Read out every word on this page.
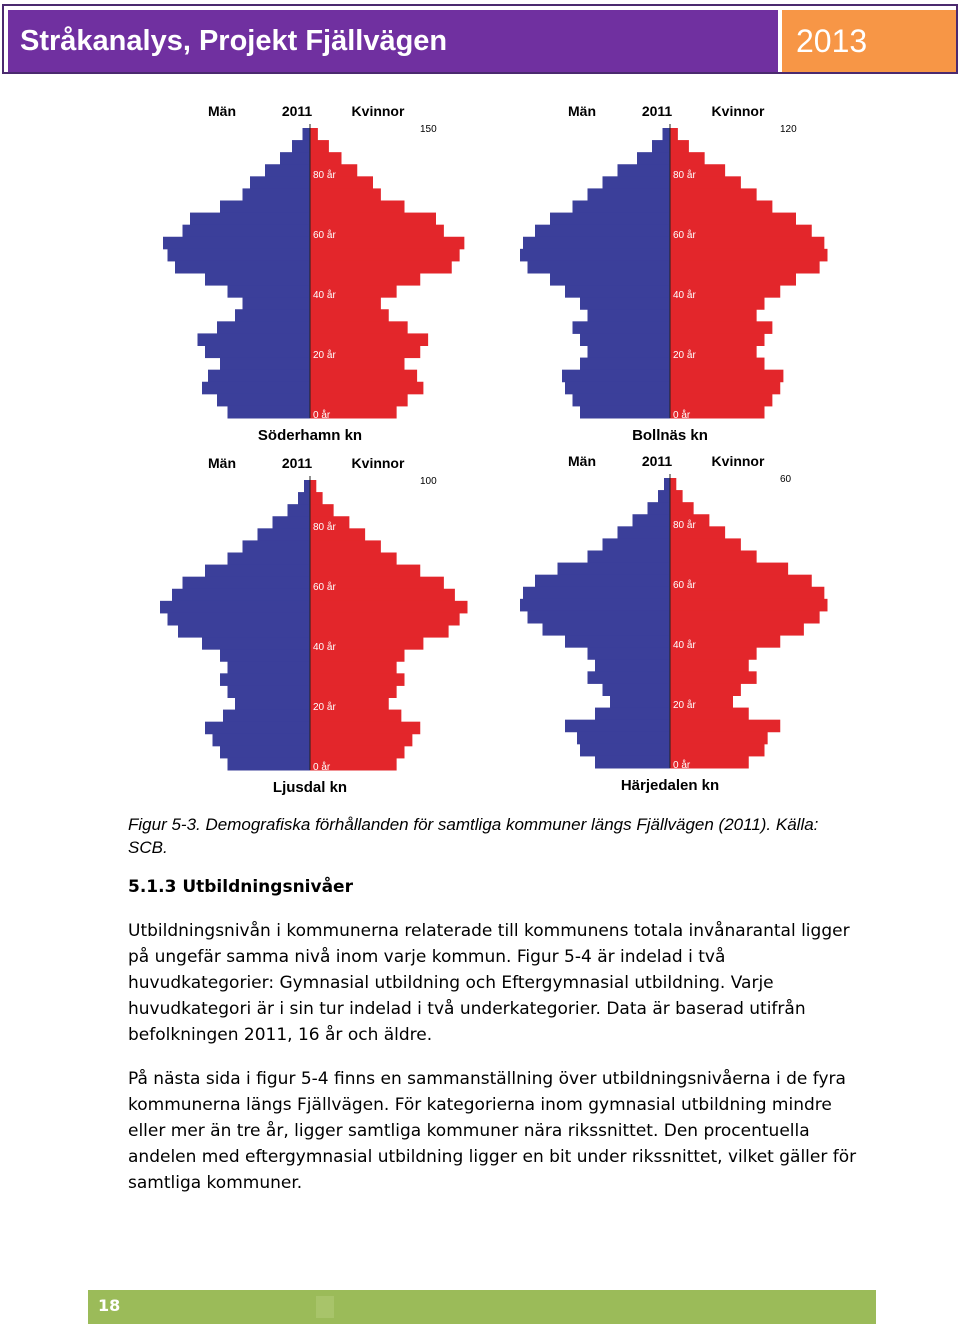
Stråkanalys, Projekt Fjällvägen	2013
Män	2011	Kvinnor
150
80 år
60 år
40 år
20 år
0 år
Söderhamn kn
Män	2011	Kvinnor
120
80 år
60 år
40 år
20 år
0 år
Bollnäs kn
Män	2011	Kvinnor
100
80 år
60 år
40 år
20 år
0 år
Ljusdal kn
Män	2011	Kvinnor
60
80 år
60 år
40 år
20 år
0 år
Härjedalen kn
Figur 5-3. Demografiska förhållanden för samtliga kommuner längs Fjällvägen (2011). Källa: SCB.
5.1.3 Utbildningsnivåer

Utbildningsnivån i kommunerna relaterade till kommunens totala invånarantal ligger på ungefär samma nivå inom varje kommun. Figur 5-4 är indelad i två huvudkategorier: Gymnasial utbildning och Eftergymnasial utbildning. Varje huvudkategori är i sin tur indelad i två underkategorier. Data är baserad utifrån befolkningen 2011, 16 år och äldre.

På nästa sida i figur 5-4 finns en sammanställning över utbildningsnivåerna i de fyra kommunerna längs Fjällvägen. För kategorierna inom gymnasial utbildning mindre eller mer än tre år, ligger samtliga kommuner nära rikssnittet. Den procentuella andelen med eftergymnasial utbildning ligger en bit under rikssnittet, vilket gäller för samtliga kommuner.

18
